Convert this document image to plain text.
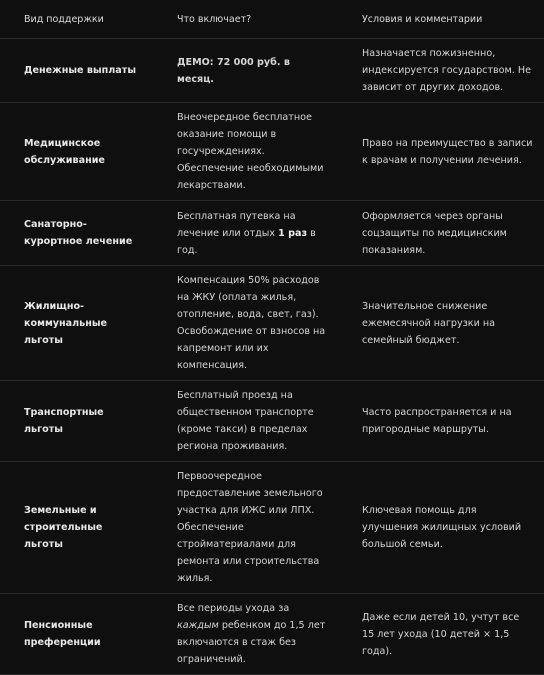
Вид поддержки	Что включает?	Условия и комментарии
Денежные выплаты	ДЕМО: 72 000 руб. в месяц.	Назначается пожизненно, индексируется государством. Не зависит от других доходов.
Медицинское обслуживание	Внеочередное бесплатное оказание помощи в госучреждениях. Обеспечение необходимыми лекарствами.	Право на преимущество в записи к врачам и получении лечения.
Санаторно-курортное лечение	Бесплатная путевка на лечение или отдых 1 раз в год.	Оформляется через органы соцзащиты по медицинским показаниям.
Жилищно-коммунальные льготы	Компенсация 50% расходов на ЖКУ (оплата жилья, отопление, вода, свет, газ). Освобождение от взносов на капремонт или их компенсация.	Значительное снижение ежемесячной нагрузки на семейный бюджет.
Транспортные льготы	Бесплатный проезд на общественном транспорте (кроме такси) в пределах региона проживания.	Часто распространяется и на пригородные маршруты.
Земельные и строительные льготы	Первоочередное предоставление земельного участка для ИЖС или ЛПХ. Обеспечение стройматериалами для ремонта или строительства жилья.	Ключевая помощь для улучшения жилищных условий большой семьи.
Пенсионные преференции	Все периоды ухода за каждым ребенком до 1,5 лет включаются в стаж без ограничений.	Даже если детей 10, учтут все 15 лет ухода (10 детей × 1,5 года).
